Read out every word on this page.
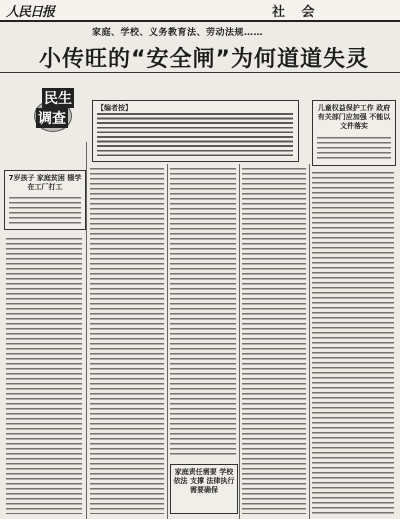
人民日报	社 会
家庭、学校、义务教育法、劳动法规……
小传旺的“安全闸”为何道道失灵
民生
调查
【编者按】	儿童权益保护工作 政府有关部门应加强 不能以文件落实
7岁孩子 家庭贫困 辍学 在工厂打工
家庭责任需要 学校依法 支撑 法律执行需要确保
